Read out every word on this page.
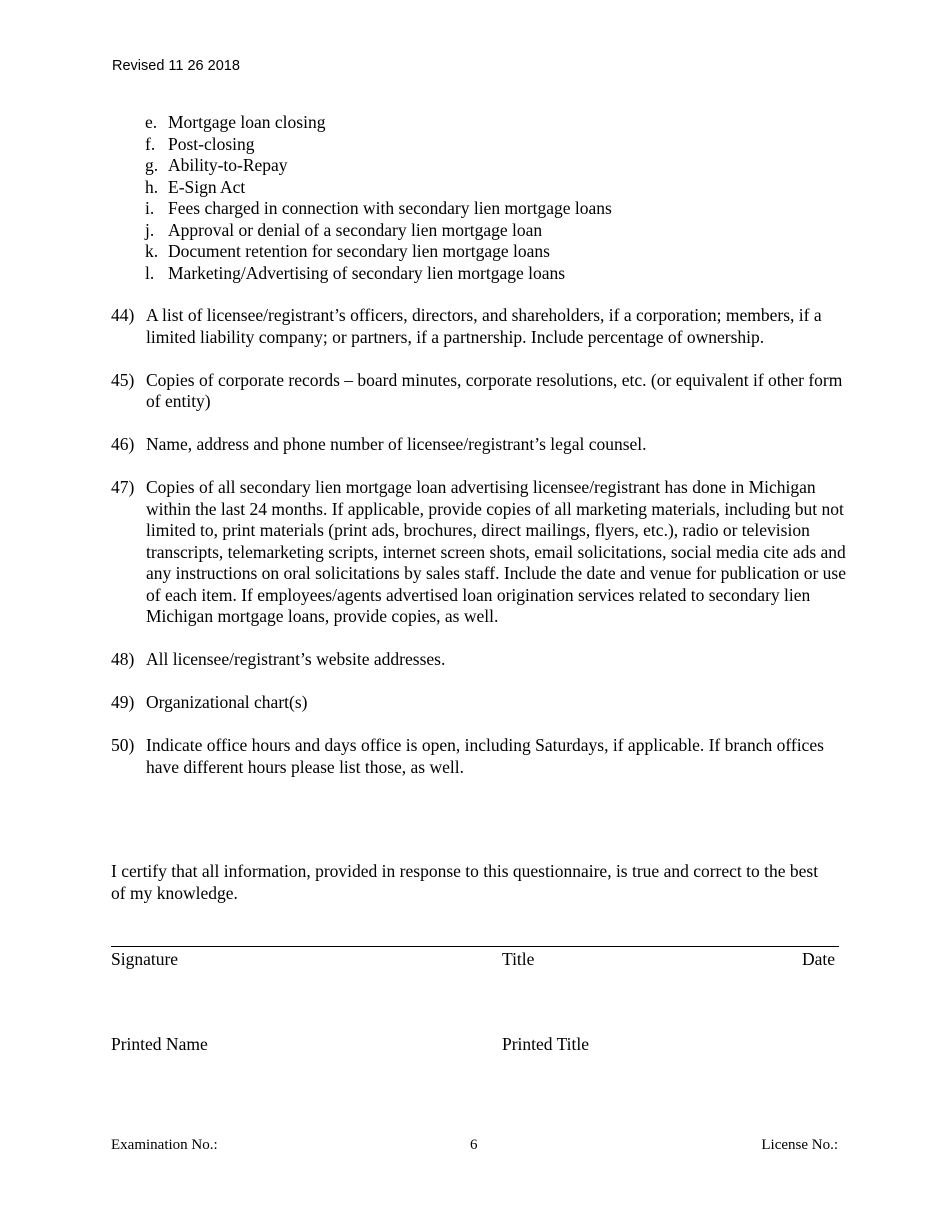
Revised 11 26 2018
e. Mortgage loan closing
f. Post-closing
g. Ability-to-Repay
h. E-Sign Act
i. Fees charged in connection with secondary lien mortgage loans
j. Approval or denial of a secondary lien mortgage loan
k. Document retention for secondary lien mortgage loans
l. Marketing/Advertising of secondary lien mortgage loans
44) A list of licensee/registrant’s officers, directors, and shareholders, if a corporation; members, if a limited liability company; or partners, if a partnership. Include percentage of ownership.
45) Copies of corporate records – board minutes, corporate resolutions, etc. (or equivalent if other form of entity)
46) Name, address and phone number of licensee/registrant’s legal counsel.
47) Copies of all secondary lien mortgage loan advertising licensee/registrant has done in Michigan within the last 24 months. If applicable, provide copies of all marketing materials, including but not limited to, print materials (print ads, brochures, direct mailings, flyers, etc.), radio or television transcripts, telemarketing scripts, internet screen shots, email solicitations, social media cite ads and any instructions on oral solicitations by sales staff. Include the date and venue for publication or use of each item. If employees/agents advertised loan origination services related to secondary lien Michigan mortgage loans, provide copies, as well.
48) All licensee/registrant’s website addresses.
49) Organizational chart(s)
50) Indicate office hours and days office is open, including Saturdays, if applicable. If branch offices have different hours please list those, as well.
I certify that all information, provided in response to this questionnaire, is true and correct to the best of my knowledge.
Signature	Title	Date
Printed Name	Printed Title
Examination No.:	6	License No.:
